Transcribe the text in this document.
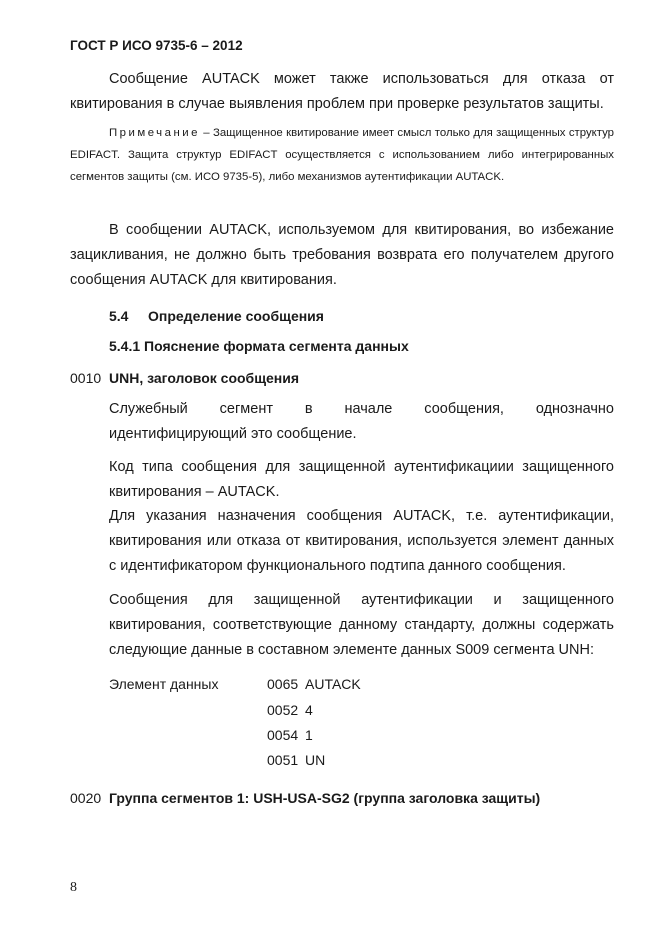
ГОСТ Р ИСО 9735-6 – 2012

Сообщение AUTACK может также использоваться для отказа от квитирования в случае выявления проблем при проверке результатов защиты.

Примечание – Защищенное квитирование имеет смысл только для защищенных структур EDIFACT. Защита структур EDIFACT осуществляется с использованием либо интегрированных сегментов защиты (см. ИСО 9735-5), либо механизмов аутентификации AUTACK.

В сообщении AUTACK, используемом для квитирования, во избежание зацикливания, не должно быть требования возврата его получателем другого сообщения AUTACK для квитирования.

5.4 Определение сообщения
5.4.1 Пояснение формата сегмента данных
0010 UNH, заголовок сообщения

Служебный сегмент в начале сообщения, однозначно идентифицирующий это сообщение.

Код типа сообщения для защищенной аутентификациии защищенного квитирования – AUTACK.

Для указания назначения сообщения AUTACK, т.е. аутентификации, квитирования или отказа от квитирования, используется элемент данных с идентификатором функционального подтипа данного сообщения.

Сообщения для защищенной аутентификации и защищенного квитирования, соответствующие данному стандарту, должны содержать следующие данные в составном элементе данных S009 сегмента UNH:

Элемент данных	0065 AUTACK
0052 4
0054 1
0051 UN
0020 Группа сегментов 1: USH-USA-SG2 (группа заголовка защиты)
8
